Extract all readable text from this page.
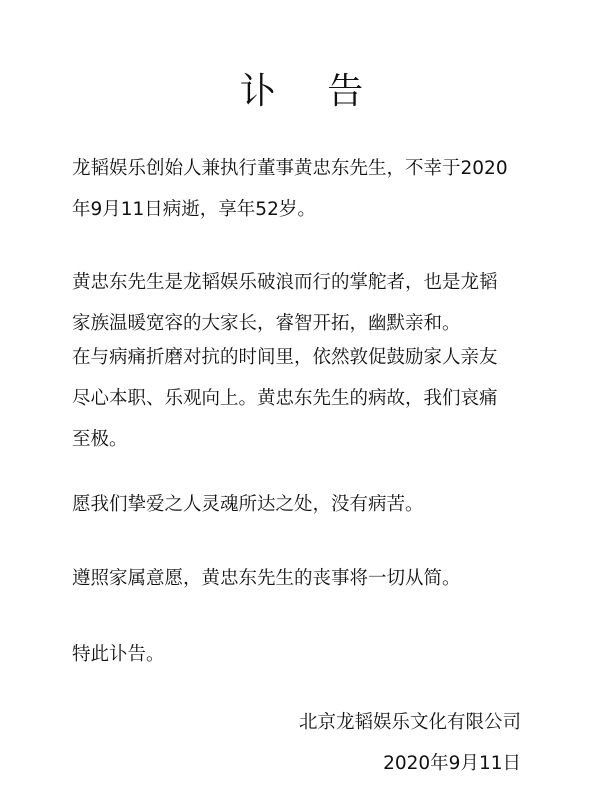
讣 告
龙韬娱乐创始人兼执行董事黄忠东先生，不幸于2020
年9月11日病逝，享年52岁。
黄忠东先生是龙韬娱乐破浪而行的掌舵者，也是龙韬
家族温暖宽容的大家长，睿智开拓，幽默亲和。
在与病痛折磨对抗的时间里，依然敦促鼓励家人亲友
尽心本职、乐观向上。黄忠东先生的病故，我们哀痛
至极。
愿我们挚爱之人灵魂所达之处，没有病苦。
遵照家属意愿，黄忠东先生的丧事将一切从简。
特此讣告。
北京龙韬娱乐文化有限公司
2020年9月11日
